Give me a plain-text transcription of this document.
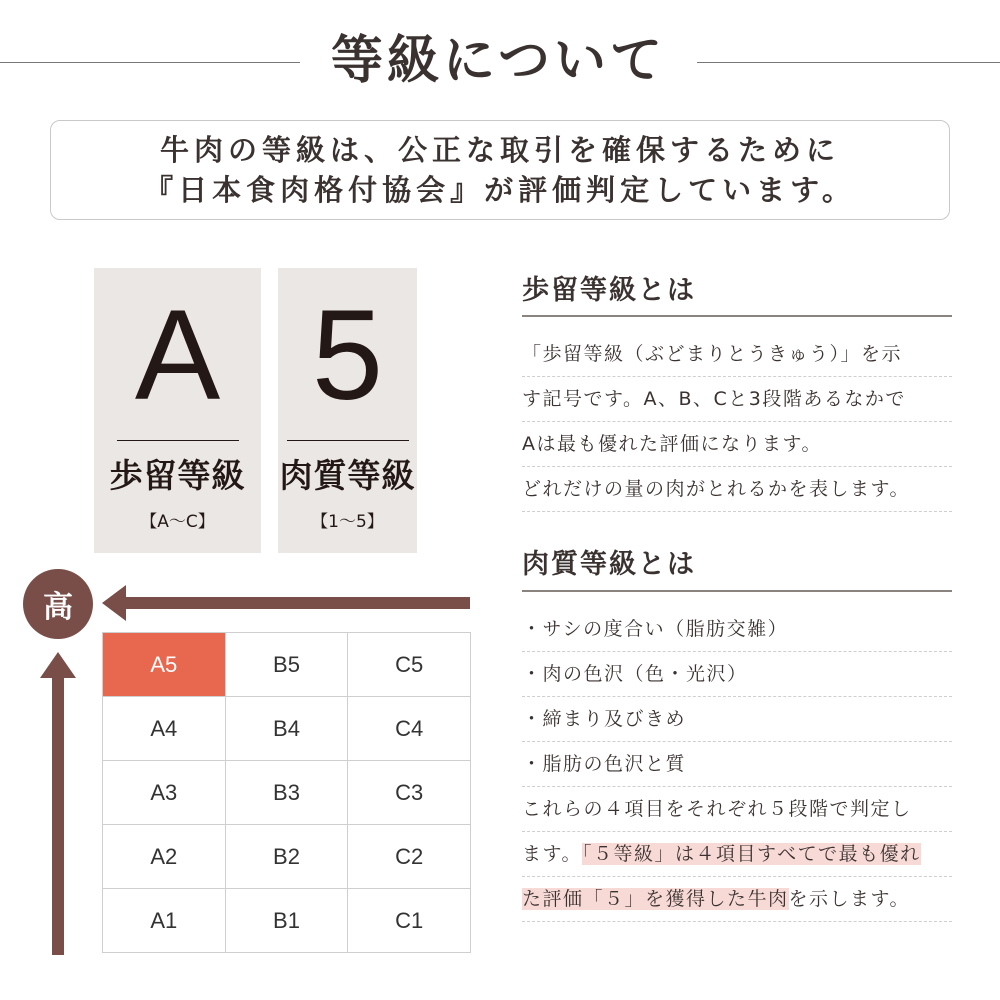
等級について
牛肉の等級は、公正な取引を確保するために
『日本食肉格付協会』が評価判定しています。
A
歩留等級
【A〜C】
5
肉質等級
【1〜5】
高
A5	B5	C5
A4	B4	C4
A3	B3	C3
A2	B2	C2
A1	B1	C1
歩留等級とは
「歩留等級（ぶどまりとうきゅう）」を示
す記号です。A、B、Cと3段階あるなかで
Aは最も優れた評価になります。
どれだけの量の肉がとれるかを表します。
肉質等級とは
・サシの度合い（脂肪交雑）
・肉の色沢（色・光沢）
・締まり及びきめ
・脂肪の色沢と質
これらの４項目をそれぞれ５段階で判定し
ます。「５等級」は４項目すべてで最も優れ
た評価「５」を獲得した牛肉を示します。
